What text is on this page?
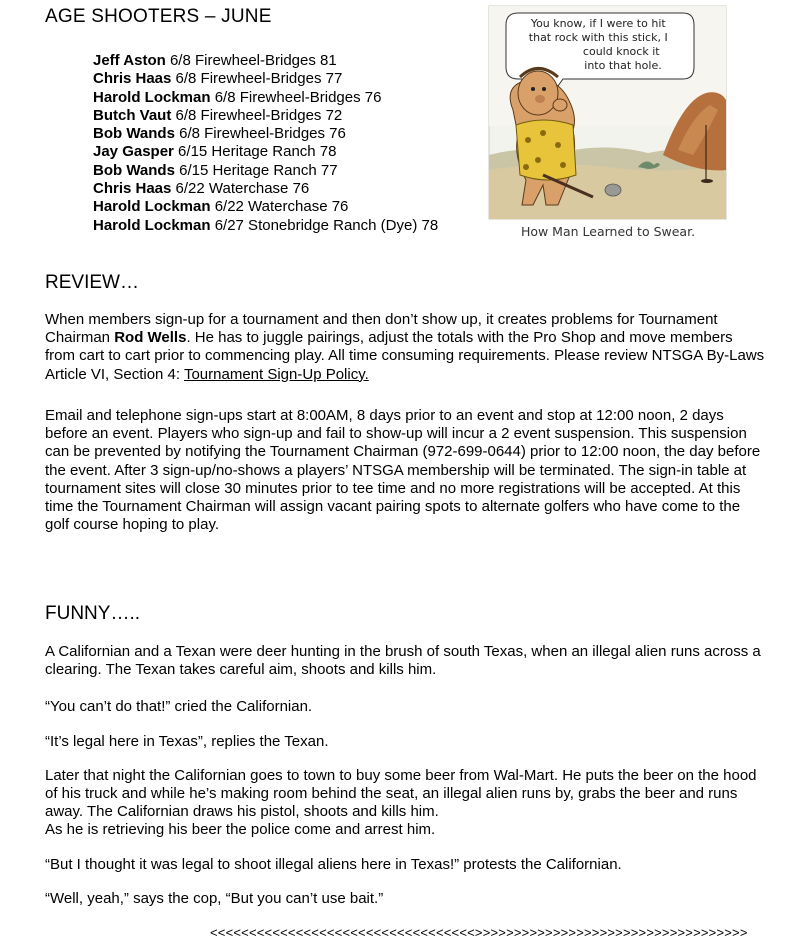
AGE SHOOTERS – JUNE
Jeff Aston 6/8 Firewheel-Bridges 81
Chris Haas 6/8 Firewheel-Bridges 77
Harold Lockman 6/8 Firewheel-Bridges 76
Butch Vaut 6/8 Firewheel-Bridges 72
Bob Wands 6/8 Firewheel-Bridges 76
Jay Gasper 6/15 Heritage Ranch 78
Bob Wands 6/15 Heritage Ranch 77
Chris Haas 6/22 Waterchase 76
Harold Lockman 6/22 Waterchase 76
Harold Lockman 6/27 Stonebridge Ranch (Dye) 78
You know, if I were to hit that rock with this stick, I could knock it into that hole.
How Man Learned to Swear.
REVIEW…

When members sign-up for a tournament and then don’t show up, it creates problems for Tournament Chairman Rod Wells. He has to juggle pairings, adjust the totals with the Pro Shop and move members from cart to cart prior to commencing play. All time consuming requirements. Please review NTSGA By-Laws Article VI, Section 4: Tournament Sign-Up Policy.

Email and telephone sign-ups start at 8:00AM, 8 days prior to an event and stop at 12:00 noon, 2 days before an event. Players who sign-up and fail to show-up will incur a 2 event suspension. This suspension can be prevented by notifying the Tournament Chairman (972-699-0644) prior to 12:00 noon, the day before the event. After 3 sign-up/no-shows a players’ NTSGA membership will be terminated. The sign-in table at tournament sites will close 30 minutes prior to tee time and no more registrations will be accepted. At this time the Tournament Chairman will assign vacant pairing spots to alternate golfers who have come to the golf course hoping to play.

FUNNY…..

A Californian and a Texan were deer hunting in the brush of south Texas, when an illegal alien runs across a clearing. The Texan takes careful aim, shoots and kills him.

“You can’t do that!” cried the Californian.

“It’s legal here in Texas”, replies the Texan.

Later that night the Californian goes to town to buy some beer from Wal-Mart. He puts the beer on the hood of his truck and while he’s making room behind the seat, an illegal alien runs by, grabs the beer and runs away. The Californian draws his pistol, shoots and kills him.

As he is retrieving his beer the police come and arrest him.

“But I thought it was legal to shoot illegal aliens here in Texas!” protests the Californian.

“Well, yeah,” says the cop, “But you can’t use bait.”

<<<<<<<<<<<<<<<<<<<<<<<<<<<<<<<<<<>>>>>>>>>>>>>>>>>>>>>>>>>>>>>>>>>>>
